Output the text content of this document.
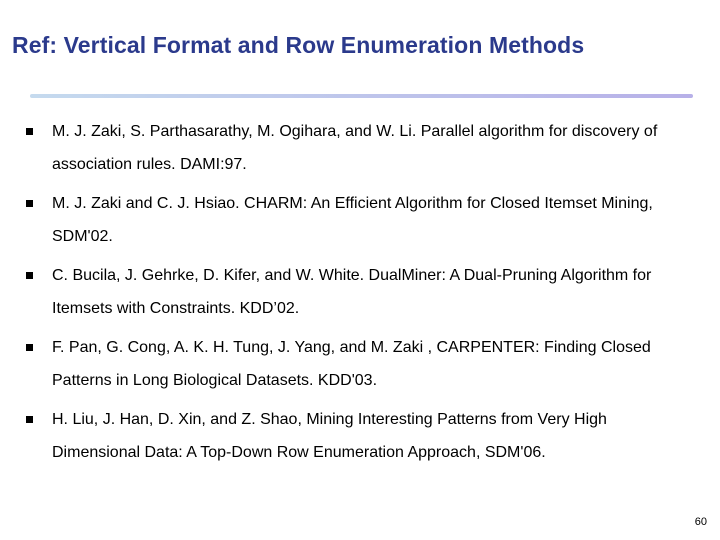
Ref: Vertical Format and Row Enumeration Methods
M. J. Zaki, S. Parthasarathy, M. Ogihara, and W. Li. Parallel algorithm for discovery of association rules. DAMI:97.
M. J. Zaki and C. J. Hsiao. CHARM: An Efficient Algorithm for Closed Itemset Mining, SDM'02.
C. Bucila, J. Gehrke, D. Kifer, and W. White. DualMiner: A Dual-Pruning Algorithm for Itemsets with Constraints. KDD’02.
F. Pan, G. Cong, A. K. H. Tung, J. Yang, and M. Zaki , CARPENTER: Finding Closed Patterns in Long Biological Datasets. KDD'03.
H. Liu, J. Han, D. Xin, and Z. Shao, Mining Interesting Patterns from Very High Dimensional Data: A Top-Down Row Enumeration Approach, SDM'06.
60
